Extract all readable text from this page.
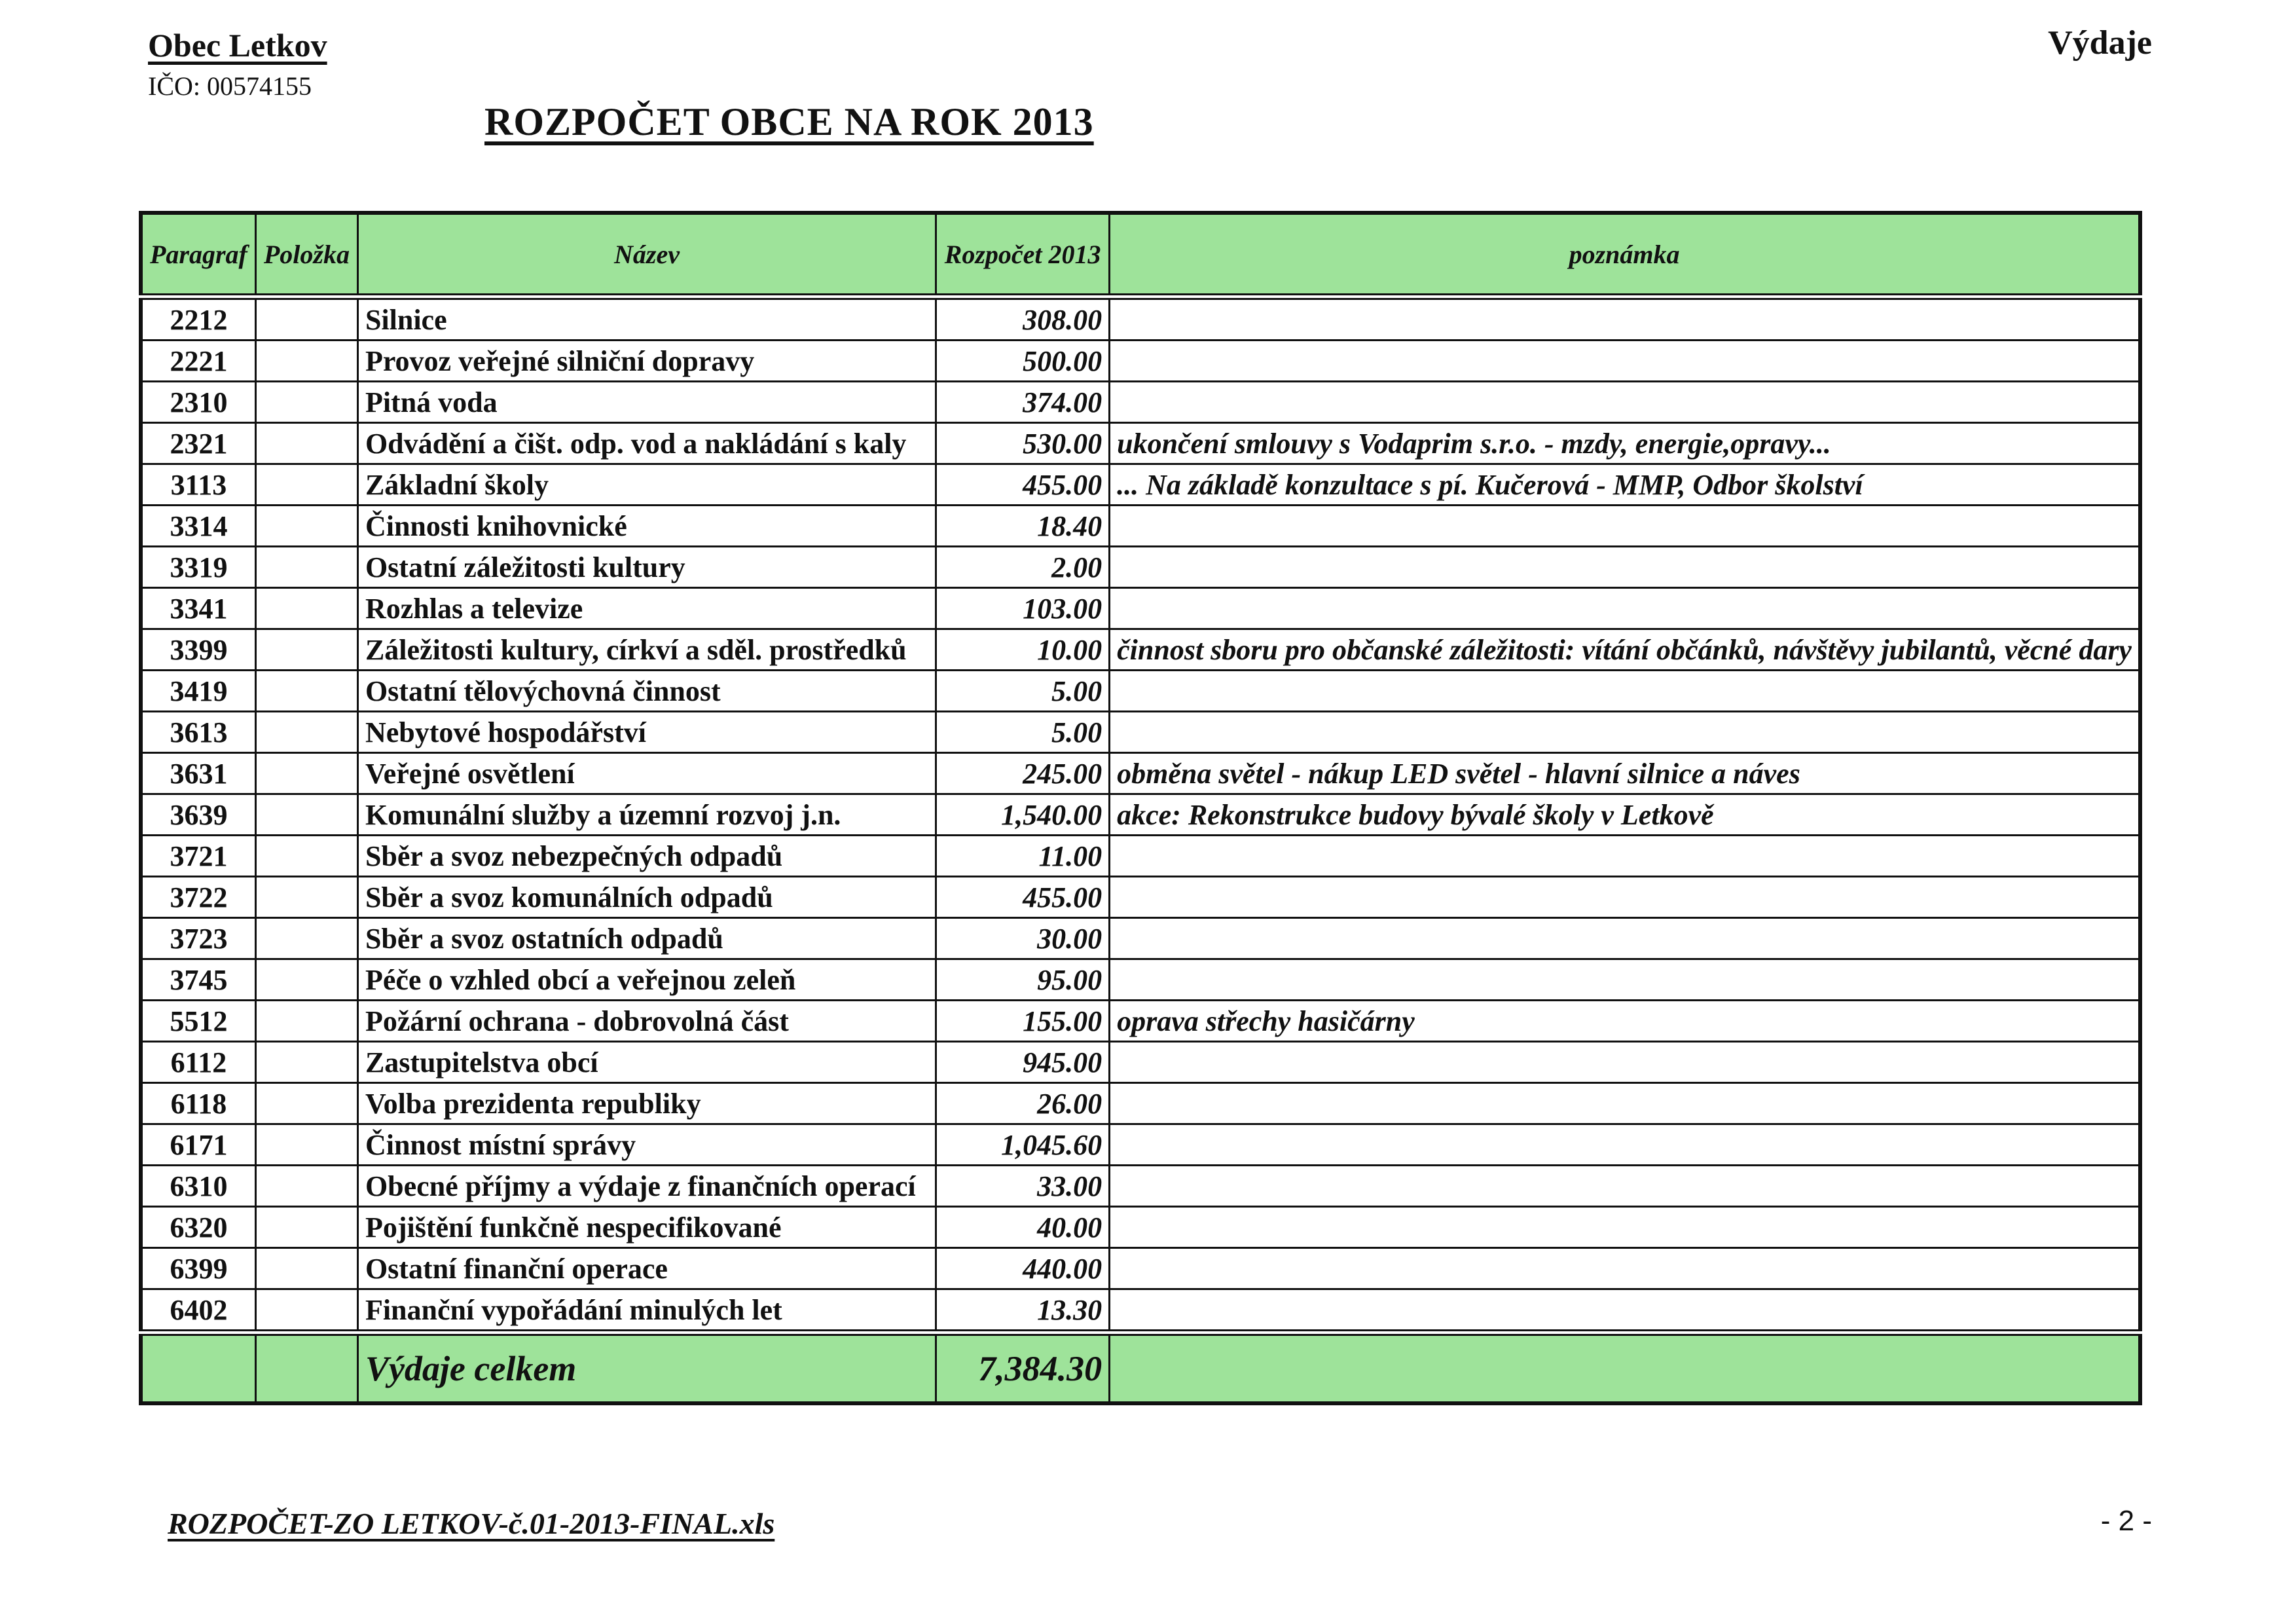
Obec Letkov
IČO: 00574155
Výdaje
ROZPOČET OBCE NA ROK 2013
Paragraf	Položka	Název	Rozpočet 2013	poznámka
2212		Silnice	308.00	
2221		Provoz veřejné silniční dopravy	500.00	
2310		Pitná voda	374.00	
2321		Odvádění a čišt. odp. vod a nakládání s kaly	530.00	ukončení smlouvy s Vodaprim s.r.o. - mzdy, energie,opravy...
3113		Základní školy	455.00	... Na základě konzultace s pí. Kučerová - MMP, Odbor školství
3314		Činnosti knihovnické	18.40	
3319		Ostatní záležitosti kultury	2.00	
3341		Rozhlas a televize	103.00	
3399		Záležitosti kultury, církví a sděl. prostředků	10.00	činnost sboru pro občanské záležitosti: vítání občánků, návštěvy jubilantů, věcné dary
3419		Ostatní tělovýchovná činnost	5.00	
3613		Nebytové hospodářství	5.00	
3631		Veřejné osvětlení	245.00	obměna světel - nákup LED světel - hlavní silnice a náves
3639		Komunální služby a územní rozvoj j.n.	1,540.00	akce: Rekonstrukce budovy bývalé školy v Letkově
3721		Sběr a svoz nebezpečných odpadů	11.00	
3722		Sběr a svoz komunálních odpadů	455.00	
3723		Sběr a svoz ostatních odpadů	30.00	
3745		Péče o vzhled obcí a veřejnou zeleň	95.00	
5512		Požární ochrana - dobrovolná část	155.00	oprava střechy hasičárny
6112		Zastupitelstva obcí	945.00	
6118		Volba prezidenta republiky	26.00	
6171		Činnost místní správy	1,045.60	
6310		Obecné příjmy a výdaje z finančních operací	33.00	
6320		Pojištění funkčně nespecifikované	40.00	
6399		Ostatní finanční operace	440.00	
6402		Finanční vypořádání minulých let	13.30	
		Výdaje celkem	7,384.30	
ROZPOČET-ZO LETKOV-č.01-2013-FINAL.xls	- 2 -
